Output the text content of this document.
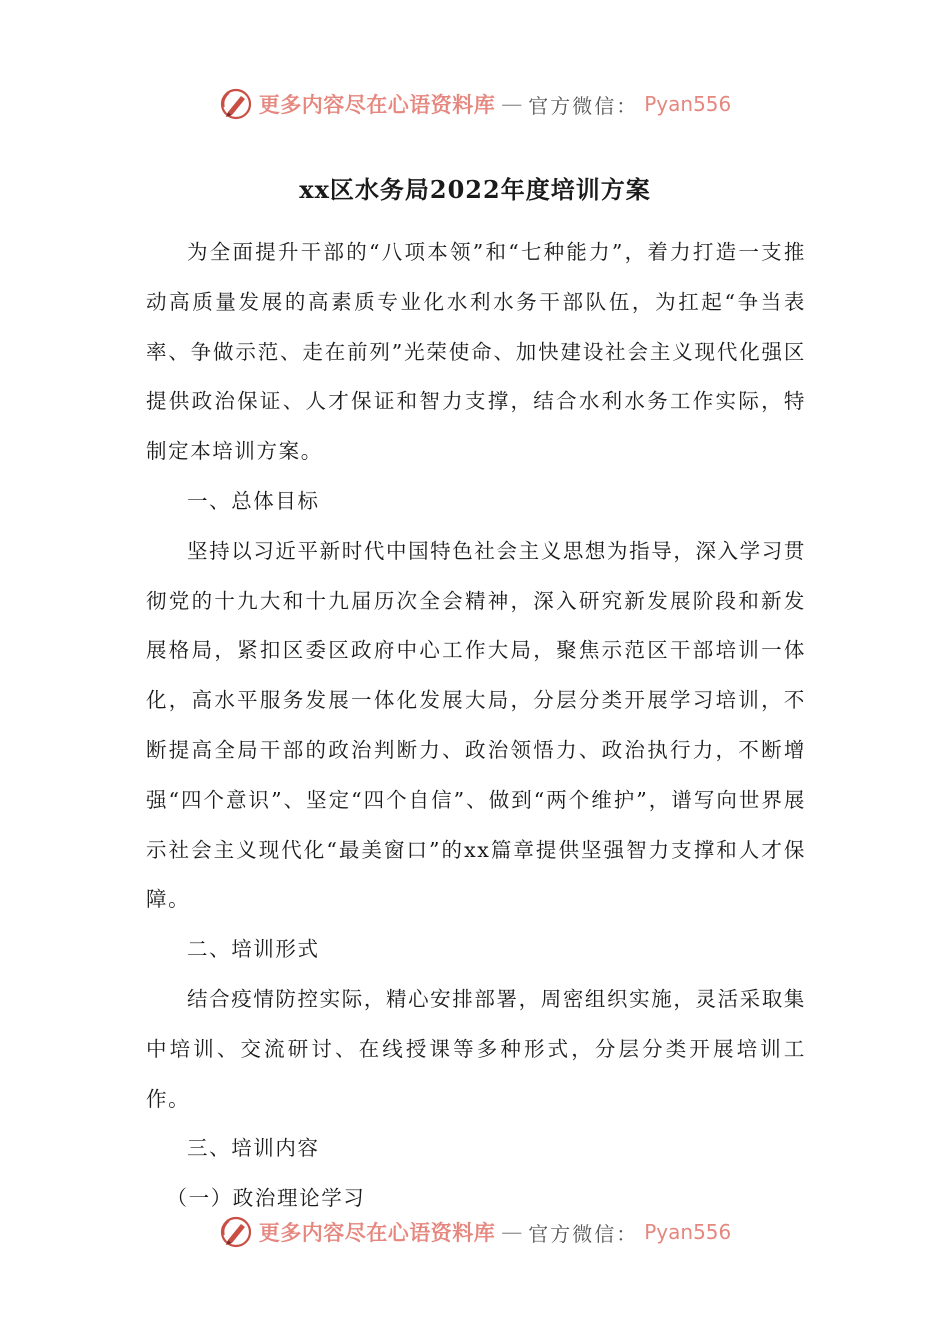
更多内容尽在心语资料库 — 官方微信： Pyan556
xx区水务局2022年度培训方案

为全面提升干部的“八项本领”和“七种能力”，着力打造一支推动高质量发展的高素质专业化水利水务干部队伍，为扛起“争当表率、争做示范、走在前列”光荣使命、加快建设社会主义现代化强区提供政治保证、人才保证和智力支撑，结合水利水务工作实际，特制定本培训方案。

一、总体目标

坚持以习近平新时代中国特色社会主义思想为指导，深入学习贯彻党的十九大和十九届历次全会精神，深入研究新发展阶段和新发展格局，紧扣区委区政府中心工作大局，聚焦示范区干部培训一体化，高水平服务发展一体化发展大局，分层分类开展学习培训，不断提高全局干部的政治判断力、政治领悟力、政治执行力，不断增强“四个意识”、坚定“四个自信”、做到“两个维护”，谱写向世界展示社会主义现代化“最美窗口”的xx篇章提供坚强智力支撑和人才保障。

二、培训形式

结合疫情防控实际，精心安排部署，周密组织实施，灵活采取集中培训、交流研讨、在线授课等多种形式，分层分类开展培训工作。

三、培训内容

（一）政治理论学习

更多内容尽在心语资料库 — 官方微信： Pyan556
